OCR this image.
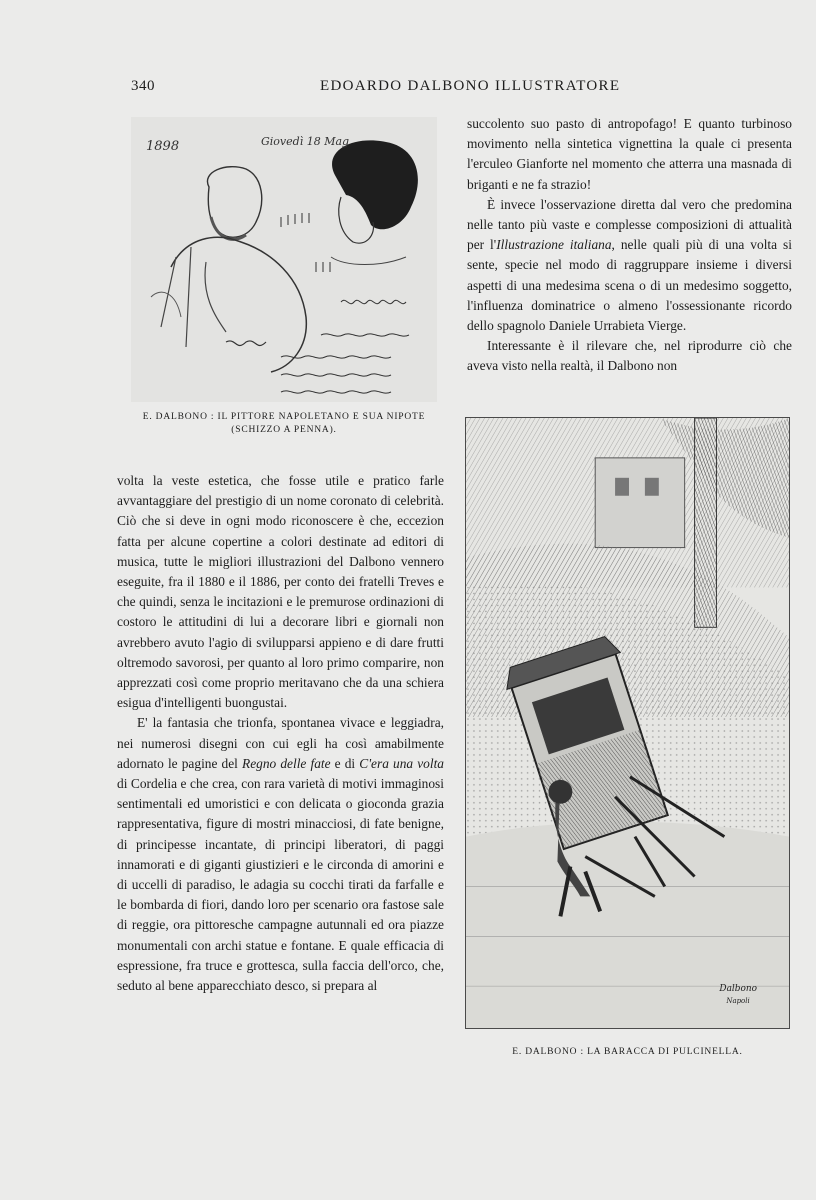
340	EDOARDO DALBONO ILLUSTRATORE
1898	Giovedì 18 Mag
E. DALBONO : IL PITTORE NAPOLETANO E SUA NIPOTE
(SCHIZZO A PENNA).

succolento suo pasto di antropofago! E quanto turbinoso movimento nella sintetica vignettina la quale ci presenta l'erculeo Gianforte nel momento che atterra una masnada di briganti e ne fa strazio!

È invece l'osservazione diretta dal vero che predomina nelle tanto più vaste e complesse composizioni di attualità per l'Illustrazione italiana, nelle quali più di una volta si sente, specie nel modo di raggruppare insieme i diversi aspetti di una medesima scena o di un medesimo soggetto, l'influenza dominatrice o almeno l'ossessionante ricordo dello spagnolo Daniele Urrabieta Vierge.

Interessante è il rilevare che, nel riprodurre ciò che aveva visto nella realtà, il Dalbono non

Dalbono
Napoli
E. DALBONO : LA BARACCA DI PULCINELLA.

volta la veste estetica, che fosse utile e pratico farle avvantaggiare del prestigio di un nome coronato di celebrità. Ciò che si deve in ogni modo riconoscere è che, eccezion fatta per alcune copertine a colori destinate ad editori di musica, tutte le migliori illustrazioni del Dalbono vennero eseguite, fra il 1880 e il 1886, per conto dei fratelli Treves e che quindi, senza le incitazioni e le premurose ordinazioni di costoro le attitudini di lui a decorare libri e giornali non avrebbero avuto l'agio di svilupparsi appieno e di dare frutti oltremodo savorosi, per quanto al loro primo comparire, non apprezzati così come proprio meritavano che da una schiera esigua d'intelligenti buongustai.

E' la fantasia che trionfa, spontanea vivace e leggiadra, nei numerosi disegni con cui egli ha così amabilmente adornato le pagine del Regno delle fate e di C'era una volta di Cordelia e che crea, con rara varietà di motivi immaginosi sentimentali ed umoristici e con delicata o gioconda grazia rappresentativa, figure di mostri minacciosi, di fate benigne, di principesse incantate, di principi liberatori, di paggi innamorati e di giganti giustizieri e le circonda di amorini e di uccelli di paradiso, le adagia su cocchi tirati da farfalle e le bombarda di fiori, dando loro per scenario ora fastose sale di reggie, ora pittoresche campagne autunnali ed ora piazze monumentali con archi statue e fontane. E quale efficacia di espressione, fra truce e grottesca, sulla faccia dell'orco, che, seduto al bene apparecchiato desco, si prepara al
